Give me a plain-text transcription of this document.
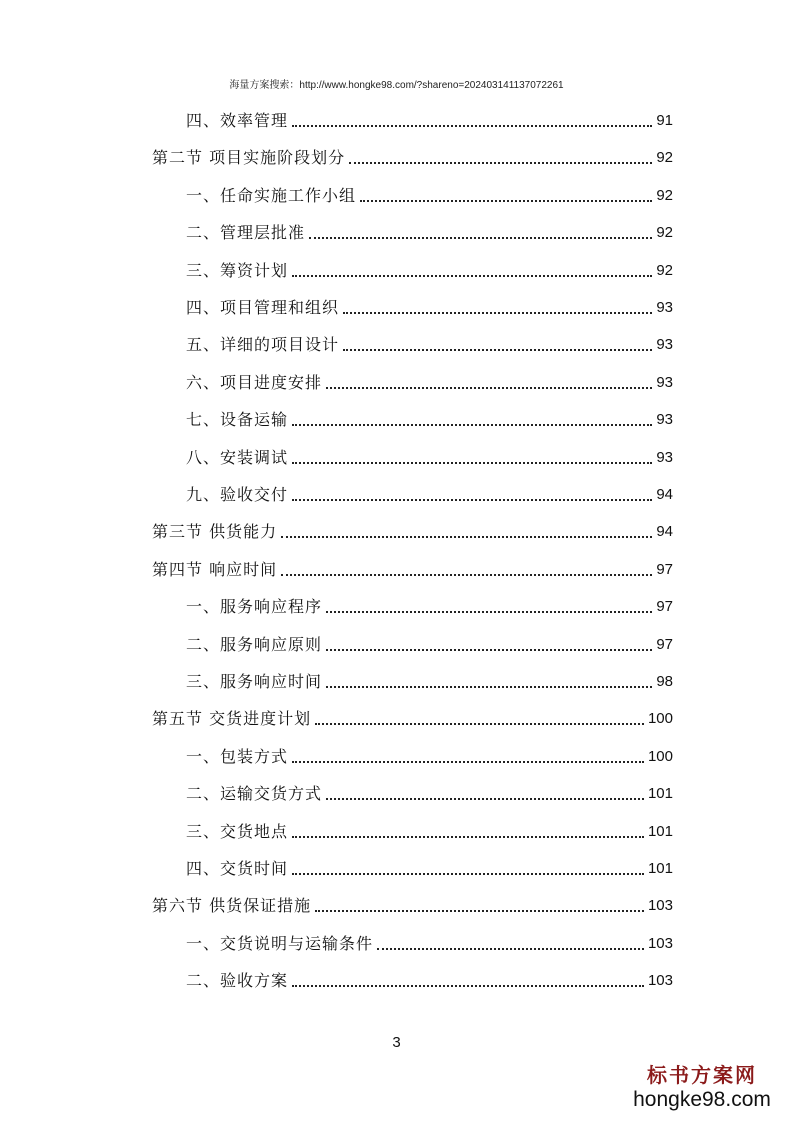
海量方案搜索：http://www.hongke98.com/?shareno=202403141137072261
四、效率管理	91
第二节 项目实施阶段划分	92
一、任命实施工作小组	92
二、管理层批准	92
三、筹资计划	92
四、项目管理和组织	93
五、详细的项目设计	93
六、项目进度安排	93
七、设备运输	93
八、安装调试	93
九、验收交付	94
第三节 供货能力	94
第四节 响应时间	97
一、服务响应程序	97
二、服务响应原则	97
三、服务响应时间	98
第五节 交货进度计划	100
一、包装方式	100
二、运输交货方式	101
三、交货地点	101
四、交货时间	101
第六节 供货保证措施	103
一、交货说明与运输条件	103
二、验收方案	103
3
标书方案网
hongke98.com
